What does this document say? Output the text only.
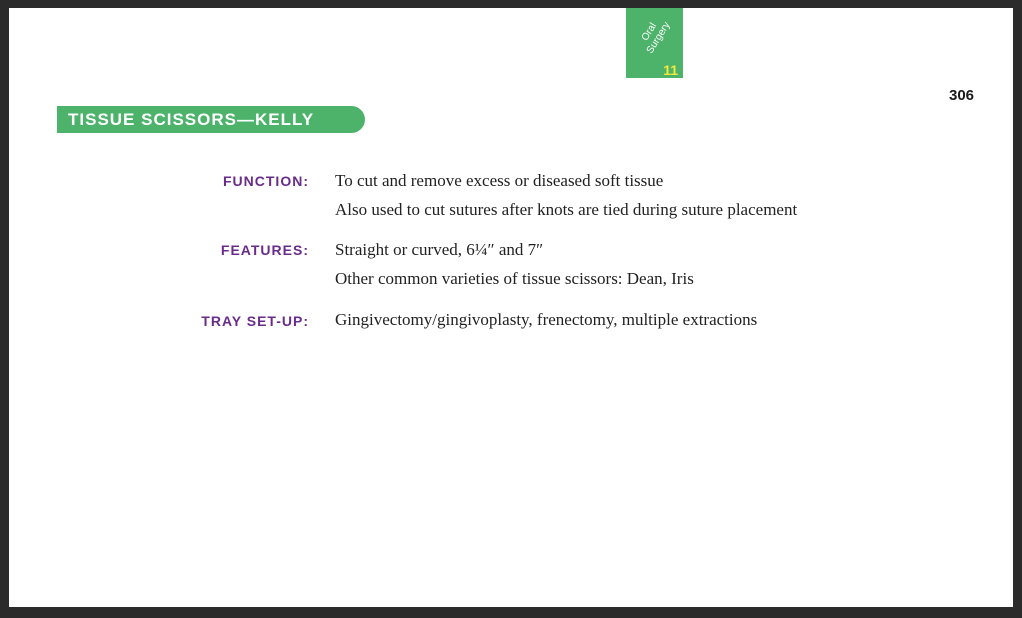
Oral
Surgery
11
306
TISSUE SCISSORS—KELLY
FUNCTION: To cut and remove excess or diseased soft tissue
Also used to cut sutures after knots are tied during suture placement
FEATURES: Straight or curved, 6¼″ and 7″
Other common varieties of tissue scissors: Dean, Iris
TRAY SET-UP: Gingivectomy/gingivoplasty, frenectomy, multiple extractions
